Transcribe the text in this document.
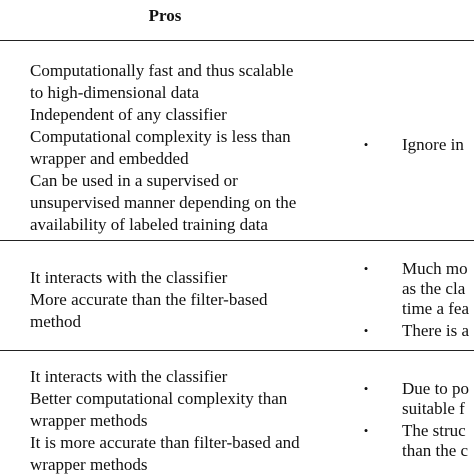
Pros
Computationally fast and thus scalable
to high-dimensional data
Independent of any classifier
Computational complexity is less than
wrapper and embedded
Can be used in a supervised or
unsupervised manner depending on the
availability of labeled training data
• Ignore in
It interacts with the classifier
More accurate than the filter-based
method
• Much mo
as the cla
time a fea
• There is a
It interacts with the classifier
Better computational complexity than
wrapper methods
It is more accurate than filter-based and
wrapper methods
• Due to po
suitable f
• The struc
than the c
